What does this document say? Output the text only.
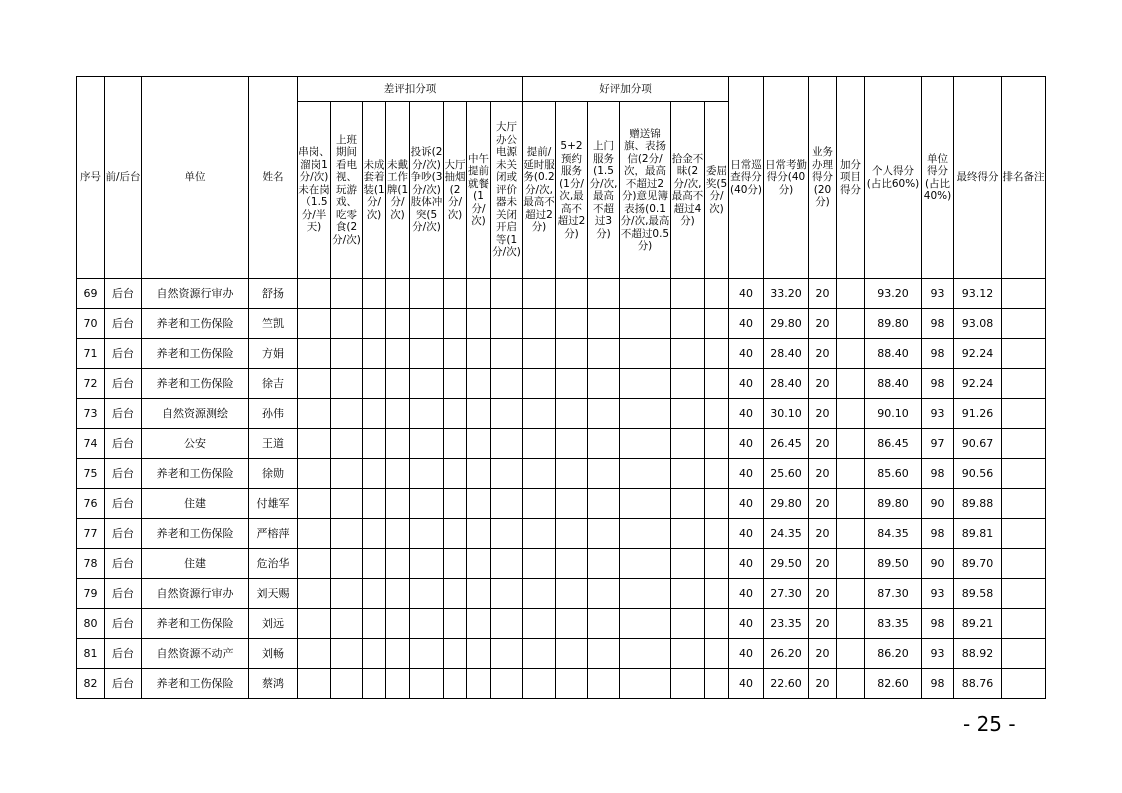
序号	前/后台	单位	姓名	差评扣分项								好评加分项						日常巡查得分(40分)	日常考勤得分(40分)	业务办理得分(20分)	加分项目得分	个人得分(占比60%)	单位得分(占比40%)	最终得分	排名备注
				串岗、溜岗1分/次)未在岗（1.5分/半天)	上班期间看电视、玩游戏、吃零食(2分/次)	未成套着装(1分/次)	未戴工作牌(1分/次)	投诉(2分/次)争吵(3分/次)肢体冲突(5分/次)	大厅抽烟(2分/次)	中午提前就餐(1分/次)	大厅办公电源未关闭或评价器未关闭开启等(1分/次)	提前/延时服务(0.2分/次,最高不超过2分)	5+2预约服务(1分/次,最高不超过2分)	上门服务(1.5分/次,最高不超过3分)	赠送锦旗、表扬信(2分/次，最高不超过2分)意见簿表扬(0.1分/次,最高不超过0.5分)	拾金不昧(2分/次,最高不超过4分)	委屈奖(5分/次)								
69	后台	自然资源行审办	舒扬															40	33.20	20		93.20	93	93.12	
70	后台	养老和工伤保险	竺凯															40	29.80	20		89.80	98	93.08	
71	后台	养老和工伤保险	方娟															40	28.40	20		88.40	98	92.24	
72	后台	养老和工伤保险	徐吉															40	28.40	20		88.40	98	92.24	
73	后台	自然资源测绘	孙伟															40	30.10	20		90.10	93	91.26	
74	后台	公安	王道															40	26.45	20		86.45	97	90.67	
75	后台	养老和工伤保险	徐勋															40	25.60	20		85.60	98	90.56	
76	后台	住建	付雄军															40	29.80	20		89.80	90	89.88	
77	后台	养老和工伤保险	严榕萍															40	24.35	20		84.35	98	89.81	
78	后台	住建	危治华															40	29.50	20		89.50	90	89.70	
79	后台	自然资源行审办	刘天赐															40	27.30	20		87.30	93	89.58	
80	后台	养老和工伤保险	刘远															40	23.35	20		83.35	98	89.21	
81	后台	自然资源不动产	刘畅															40	26.20	20		86.20	93	88.92	
82	后台	养老和工伤保险	蔡鸿															40	22.60	20		82.60	98	88.76	
- 25 -
